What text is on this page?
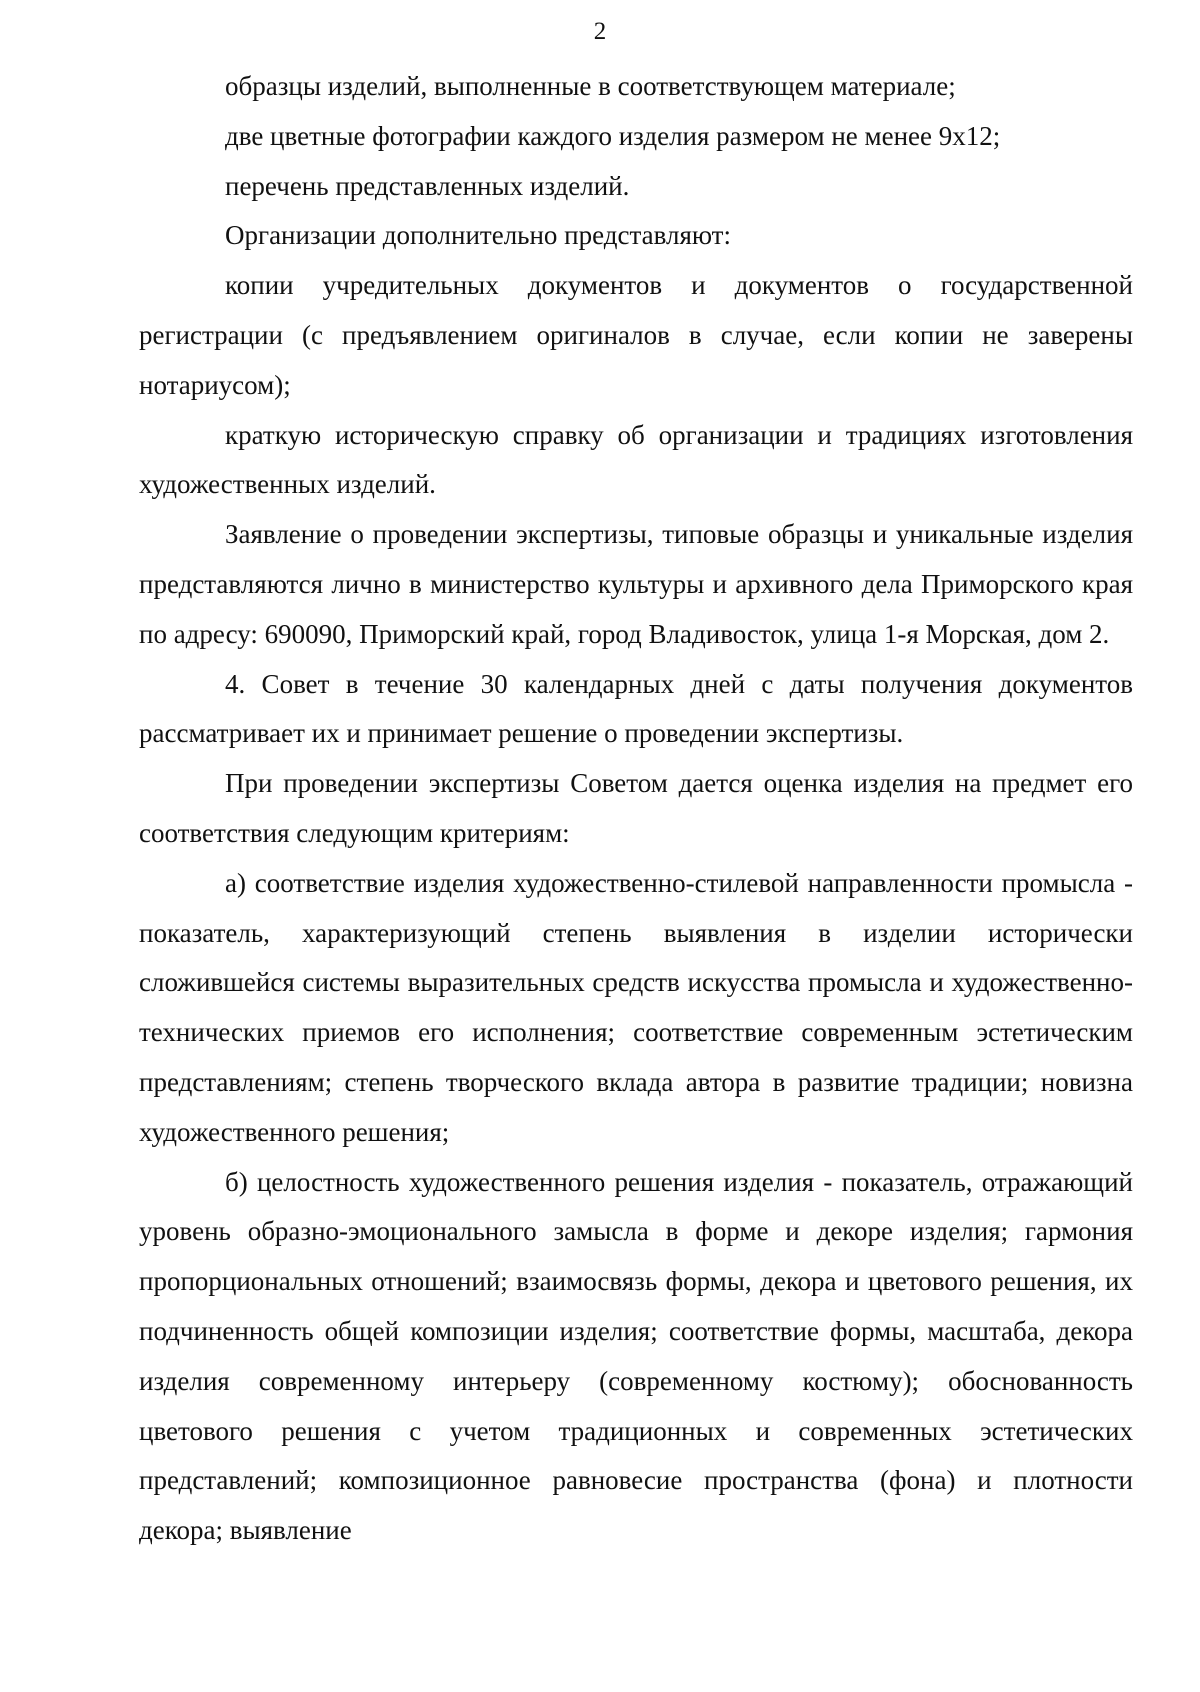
2

образцы изделий, выполненные в соответствующем материале;

две цветные фотографии каждого изделия размером не менее 9х12;

перечень представленных изделий.

Организации дополнительно представляют:

копии учредительных документов и документов о государственной регистрации (с предъявлением оригиналов в случае, если копии не заверены нотариусом);

краткую историческую справку об организации и традициях изготовления художественных изделий.

Заявление о проведении экспертизы, типовые образцы и уникальные изделия представляются лично в министерство культуры и архивного дела Приморского края по адресу: 690090, Приморский край, город Владивосток, улица 1-я Морская, дом 2.

4. Совет в течение 30 календарных дней с даты получения документов рассматривает их и принимает решение о проведении экспертизы.

При проведении экспертизы Советом дается оценка изделия на предмет его соответствия следующим критериям:

а) соответствие изделия художественно-стилевой направленности промысла - показатель, характеризующий степень выявления в изделии исторически сложившейся системы выразительных средств искусства промысла и художественно-технических приемов его исполнения; соответствие современным эстетическим представлениям; степень творческого вклада автора в развитие традиции; новизна художественного решения;

б) целостность художественного решения изделия - показатель, отражающий уровень образно-эмоционального замысла в форме и декоре изделия; гармония пропорциональных отношений; взаимосвязь формы, декора и цветового решения, их подчиненность общей композиции изделия; соответствие формы, масштаба, декора изделия современному интерьеру (современному костюму); обоснованность цветового решения с учетом традиционных и современных эстетических представлений; композиционное равновесие пространства (фона) и плотности декора; выявление
